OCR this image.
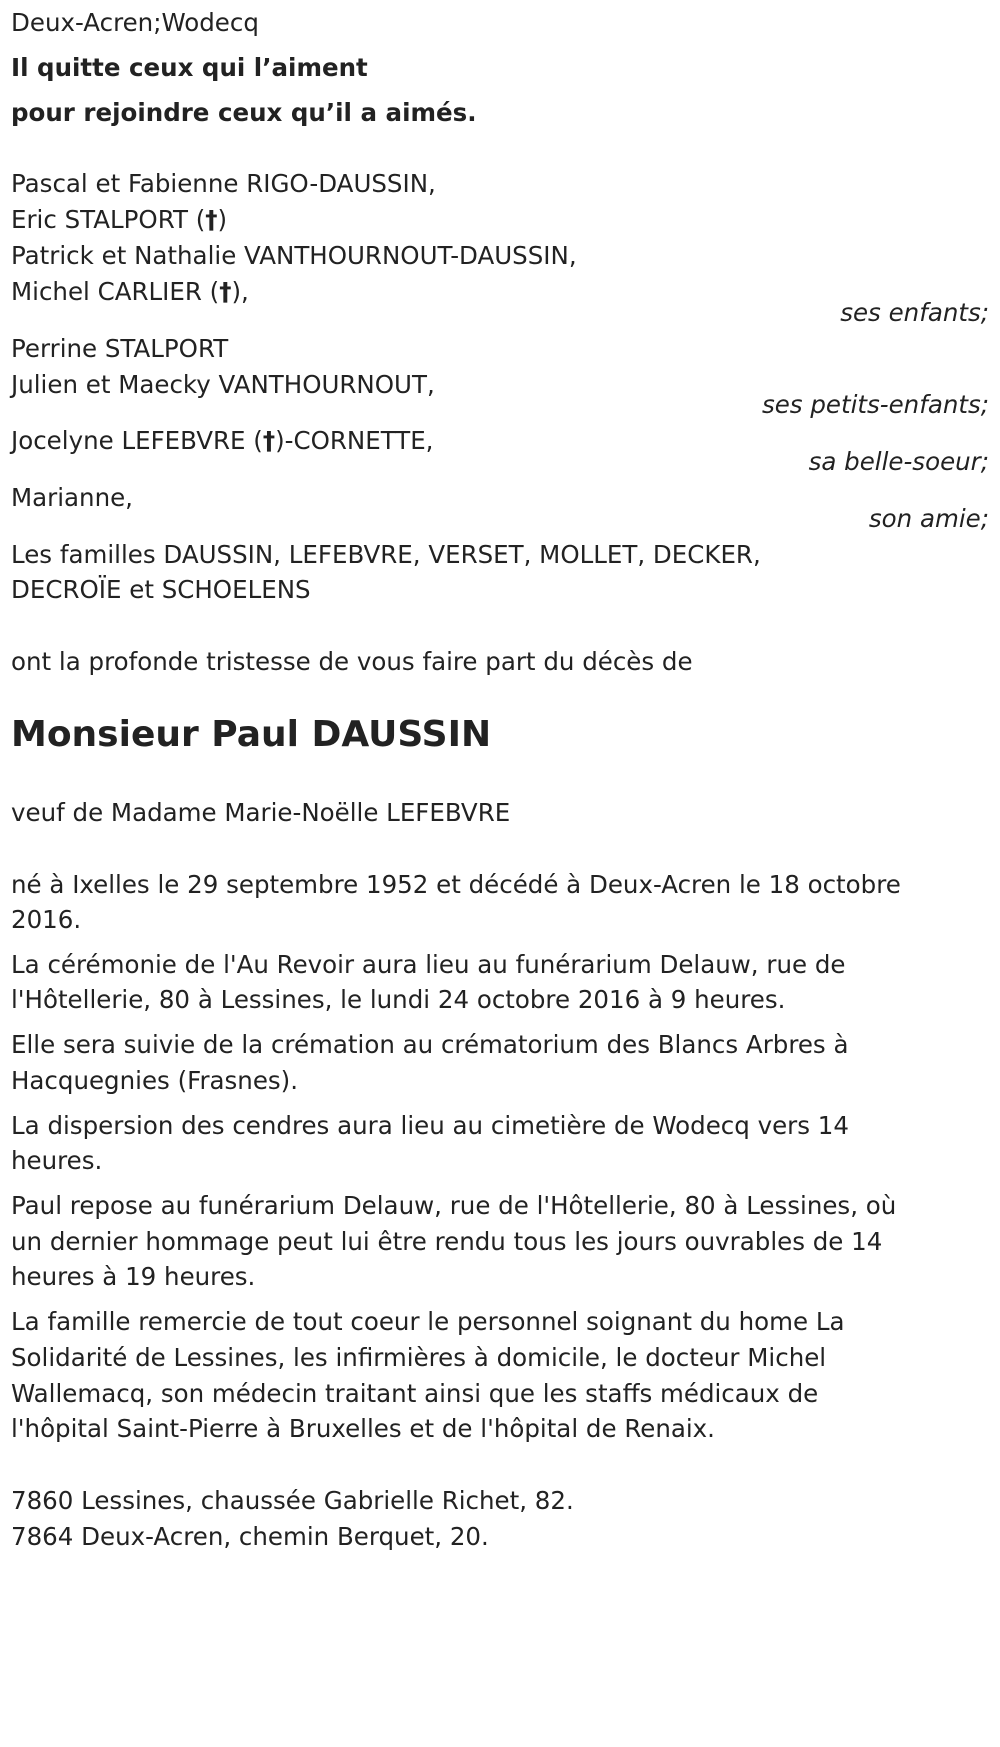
Deux-Acren;Wodecq

Il quitte ceux qui l’aiment

pour rejoindre ceux qu’il a aimés.

Pascal et Fabienne RIGO-DAUSSIN,

Eric STALPORT (†)

Patrick et Nathalie VANTHOURNOUT-DAUSSIN,

Michel CARLIER (†),

ses enfants;

Perrine STALPORT

Julien et Maecky VANTHOURNOUT,

ses petits-enfants;

Jocelyne LEFEBVRE (†)-CORNETTE,

sa belle-soeur;

Marianne,

son amie;

Les familles DAUSSIN, LEFEBVRE, VERSET, MOLLET, DECKER,

DECROÏE et SCHOELENS

ont la profonde tristesse de vous faire part du décès de

Monsieur Paul DAUSSIN

veuf de Madame Marie-Noëlle LEFEBVRE

né à Ixelles le 29 septembre 1952 et décédé à Deux-Acren le 18 octobre

2016.

La cérémonie de l'Au Revoir aura lieu au funérarium Delauw, rue de

l'Hôtellerie, 80 à Lessines, le lundi 24 octobre 2016 à 9 heures.

Elle sera suivie de la crémation au crématorium des Blancs Arbres à

Hacquegnies (Frasnes).

La dispersion des cendres aura lieu au cimetière de Wodecq vers 14

heures.

Paul repose au funérarium Delauw, rue de l'Hôtellerie, 80 à Lessines, où

un dernier hommage peut lui être rendu tous les jours ouvrables de 14

heures à 19 heures.

La famille remercie de tout coeur le personnel soignant du home La

Solidarité de Lessines, les infirmières à domicile, le docteur Michel

Wallemacq, son médecin traitant ainsi que les staffs médicaux de

l'hôpital Saint-Pierre à Bruxelles et de l'hôpital de Renaix.

7860 Lessines, chaussée Gabrielle Richet, 82.

7864 Deux-Acren, chemin Berquet, 20.
